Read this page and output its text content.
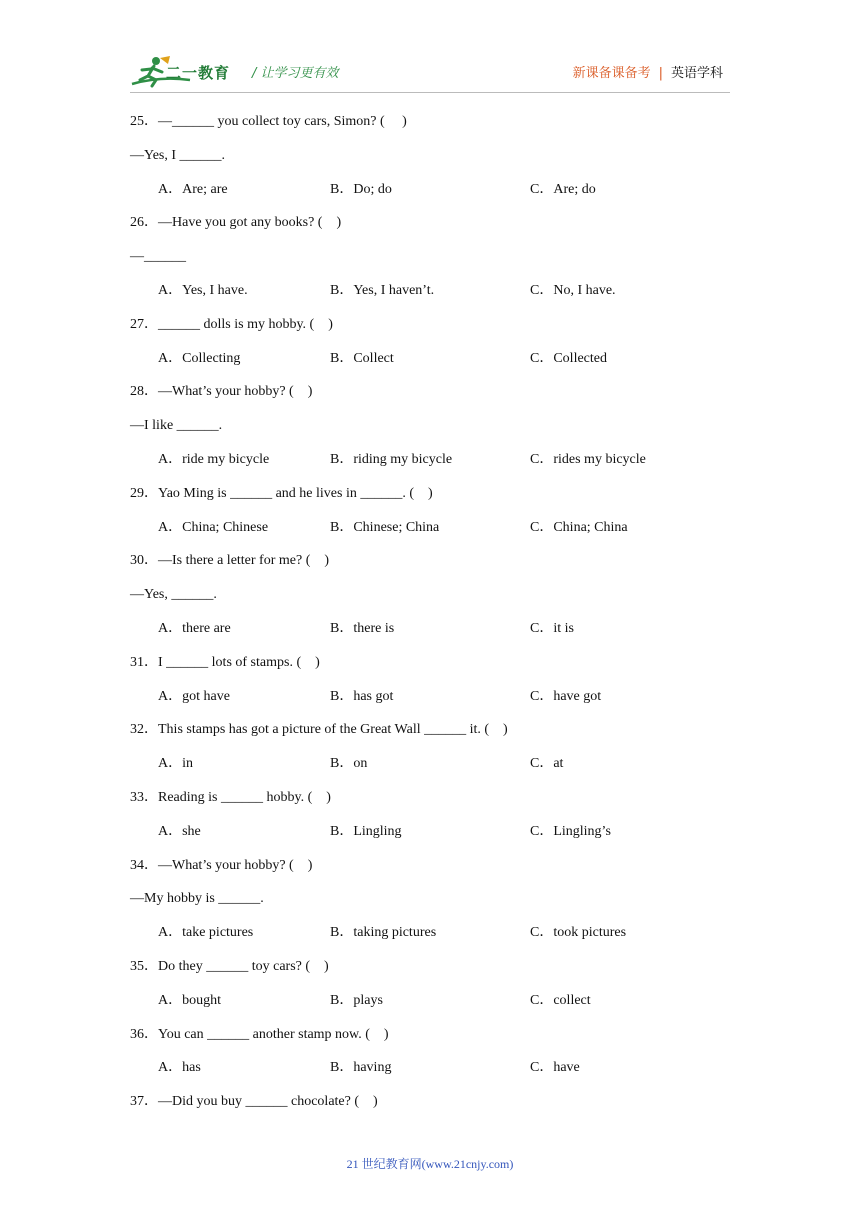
二一教育 / 让学习更有效	新课备课备考 | 英语学科
25．—______ you collect toy cars, Simon? (　 )
—Yes, I ______.
A．Are; are	B．Do; do	C．Are; do
26．—Have you got any books? (　)
—______
A．Yes, I have.	B．Yes, I haven’t.	C．No, I have.
27．______ dolls is my hobby. (　)
A．Collecting	B．Collect	C．Collected
28．—What’s your hobby? (　)
—I like ______.
A．ride my bicycle	B．riding my bicycle	C．rides my bicycle
29．Yao Ming is ______ and he lives in ______. (　)
A．China; Chinese	B．Chinese; China	C．China; China
30．—Is there a letter for me? (　)
—Yes, ______.
A．there are	B．there is	C．it is
31．I ______ lots of stamps. (　)
A．got have	B．has got	C．have got
32．This stamps has got a picture of the Great Wall ______ it. (　)
A．in	B．on	C．at
33．Reading is ______ hobby. (　)
A．she	B．Lingling	C．Lingling’s
34．—What’s your hobby? (　)
—My hobby is ______.
A．take pictures	B．taking pictures	C．took pictures
35．Do they ______ toy cars? (　)
A．bought	B．plays	C．collect
36．You can ______ another stamp now. (　)
A．has	B．having	C．have
37．—Did you buy ______ chocolate? (　)
21 世纪教育网(www.21cnjy.com)
